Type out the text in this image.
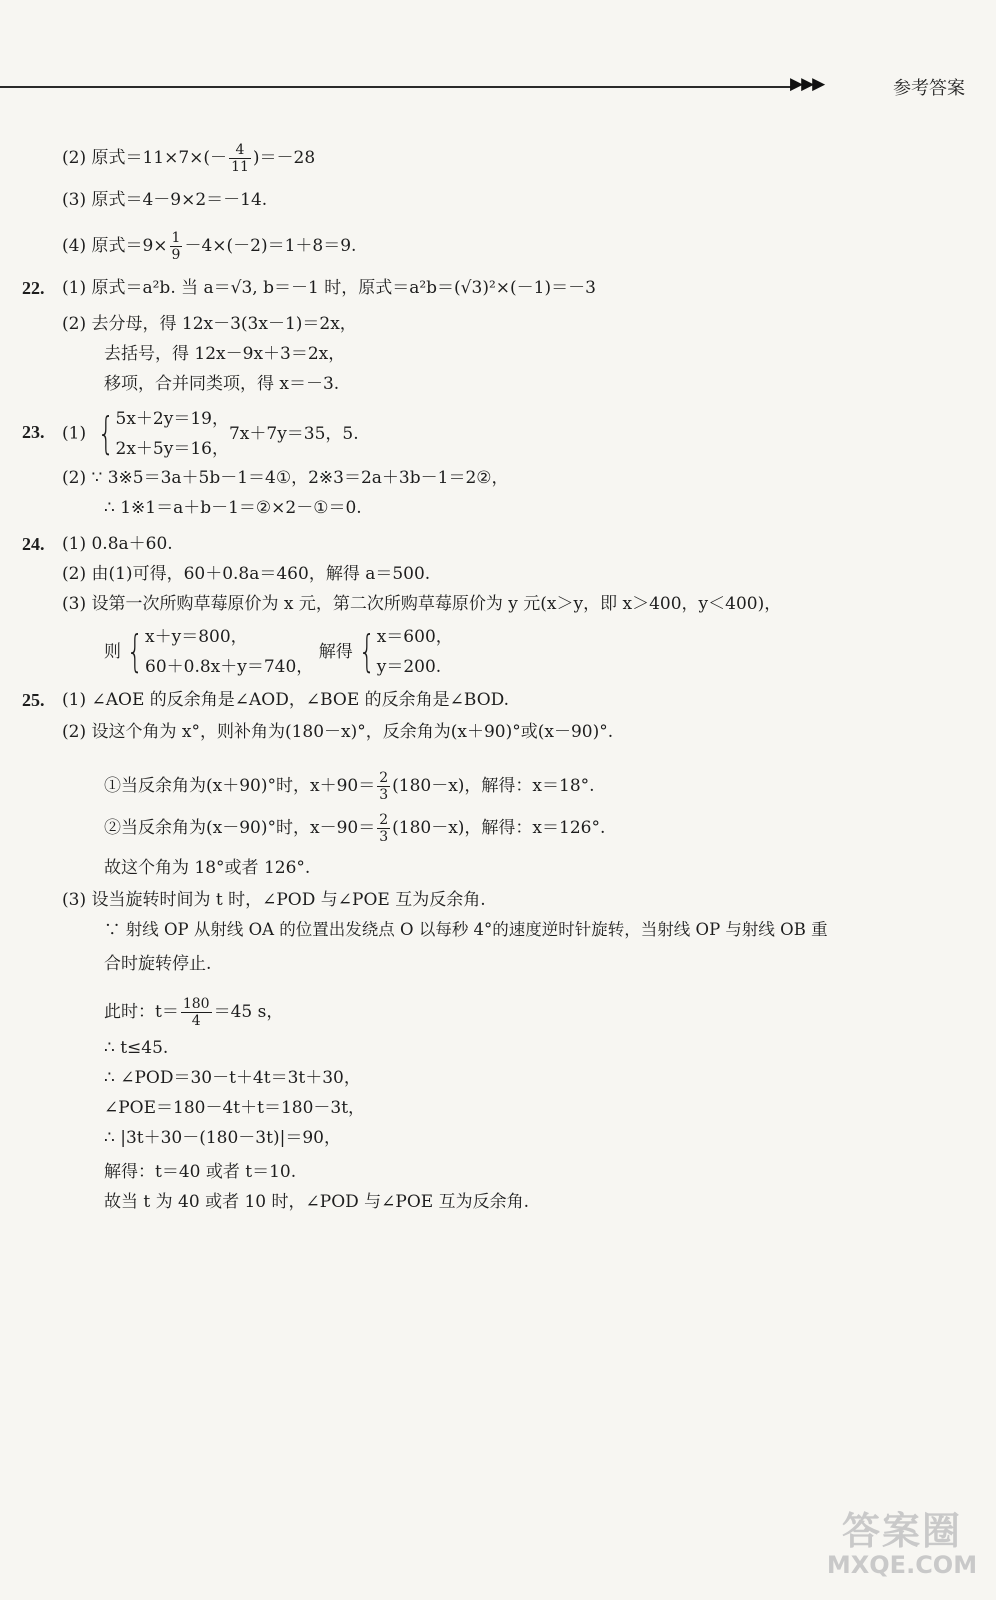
▶▶▶	参考答案
(2) 原式$=11\times 7\times(- \frac{4}{11} )=-28$
(3) 原式＝4－9×2＝－14.
(4) 原式$=9\times \frac{1}{9} -4\times(-2)=1+8=9$.
22. (1) 原式＝a²b. 当 a＝√3, b＝－1 时，原式＝a²b＝(√3)²×(－1)＝－3
(2) 去分母，得 12x－3(3x－1)＝2x，
去括号，得 12x－9x＋3＝2x，
移项，合并同类项，得 x＝－3.
23. (1) { 5x＋2y＝19，
2x＋5y＝16，
7x＋7y＝35，5.
(2) ∵ 3※5＝3a＋5b－1＝4①，2※3＝2a＋3b－1＝2②，
∴ 1※1＝a＋b－1＝②×2－①＝0.
24. (1) 0.8a＋60.
(2) 由(1)可得，60＋0.8a＝460，解得 a＝500.
(3) 设第一次所购草莓原价为 x 元，第二次所购草莓原价为 y 元(x＞y，即 x＞400，y＜400)，
则 { x＋y＝800，
60＋0.8x＋y＝740，
解得 { x＝600，
y＝200.
25. (1) ∠AOE 的反余角是∠AOD，∠BOE 的反余角是∠BOD.
(2) 设这个角为 x°，则补角为(180－x)°，反余角为(x＋90)°或(x－90)°.
①当反余角为(x＋90)°时，$x+90= \frac{2}{3} (180-x)$，解得：x＝18°.
②当反余角为(x－90)°时，$x-90= \frac{2}{3} (180-x)$，解得：x＝126°.
故这个角为 18°或者 126°.
(3) 设当旋转时间为 t 时，∠POD 与∠POE 互为反余角.
∵ 射线 OP 从射线 OA 的位置出发绕点 O 以每秒 4°的速度逆时针旋转，当射线 OP 与射线 OB 重
合时旋转停止.
此时：$t= \frac{180}{4} =45$ s，
∴ t≤45.
∴ ∠POD＝30－t＋4t＝3t＋30，
∠POE＝180－4t＋t＝180－3t，
∴ |3t＋30－(180－3t)|＝90，
解得：t＝40 或者 t＝10.
故当 t 为 40 或者 10 时，∠POD 与∠POE 互为反余角.
答案圈
MXQE.COM
